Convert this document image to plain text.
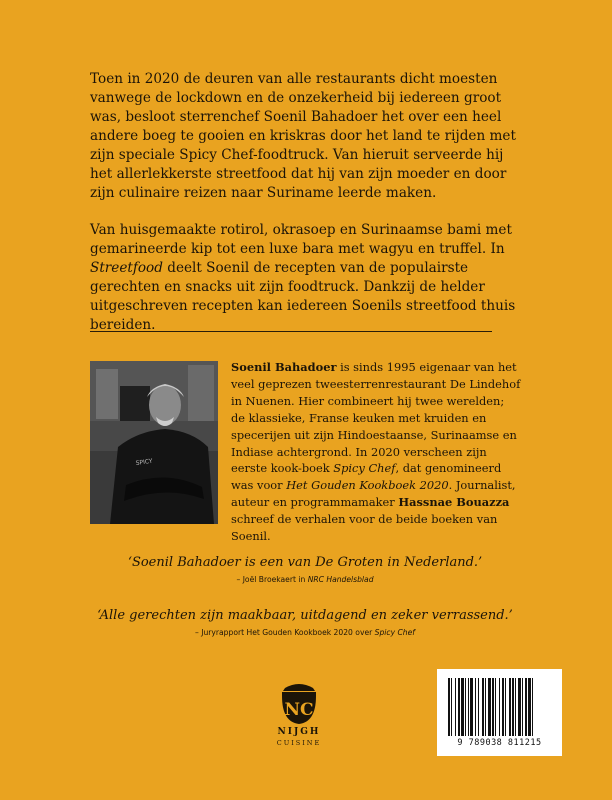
Toen in 2020 de deuren van alle restaurants dicht moesten vanwege de lockdown en de onzekerheid bij iedereen groot was, besloot sterrenchef Soenil Bahadoer het over een heel andere boeg te gooien en kriskras door het land te rijden met zijn speciale Spicy Chef-foodtruck. Van hieruit serveerde hij het allerlekkerste streetfood dat hij van zijn moeder en door zijn culinaire reizen naar Suriname leerde maken.

Van huisgemaakte rotirol, okrasoep en Surinaamse bami met gemarineerde kip tot een luxe bara met wagyu en truffel. In Streetfood deelt Soenil de recepten van de populairste gerechten en snacks uit zijn foodtruck. Dankzij de helder uitgeschreven recepten kan iedereen Soenils streetfood thuis bereiden.

SPICY

Soenil Bahadoer is sinds 1995 eigenaar van het veel geprezen tweesterrenrestaurant De Lindehof in Nuenen. Hier combineert hij twee werelden; de klassieke, Franse keuken met kruiden en specerijen uit zijn Hindoestaanse, Surinaamse en Indiase achtergrond. In 2020 verscheen zijn eerste kook-boek Spicy Chef, dat genomineerd was voor Het Gouden Kookboek 2020. Journalist, auteur en programmamaker Hassnae Bouazza schreef de verhalen voor de beide boeken van Soenil.

‘Soenil Bahadoer is een van De Groten in Nederland.’

– Joël Broekaert in NRC Handelsblad

‘Alle gerechten zijn maakbaar, uitdagend en zeker verrassend.’

– Juryrapport Het Gouden Kookboek 2020 over Spicy Chef

NC
NIJGH
CUISINE	9 789038 811215
